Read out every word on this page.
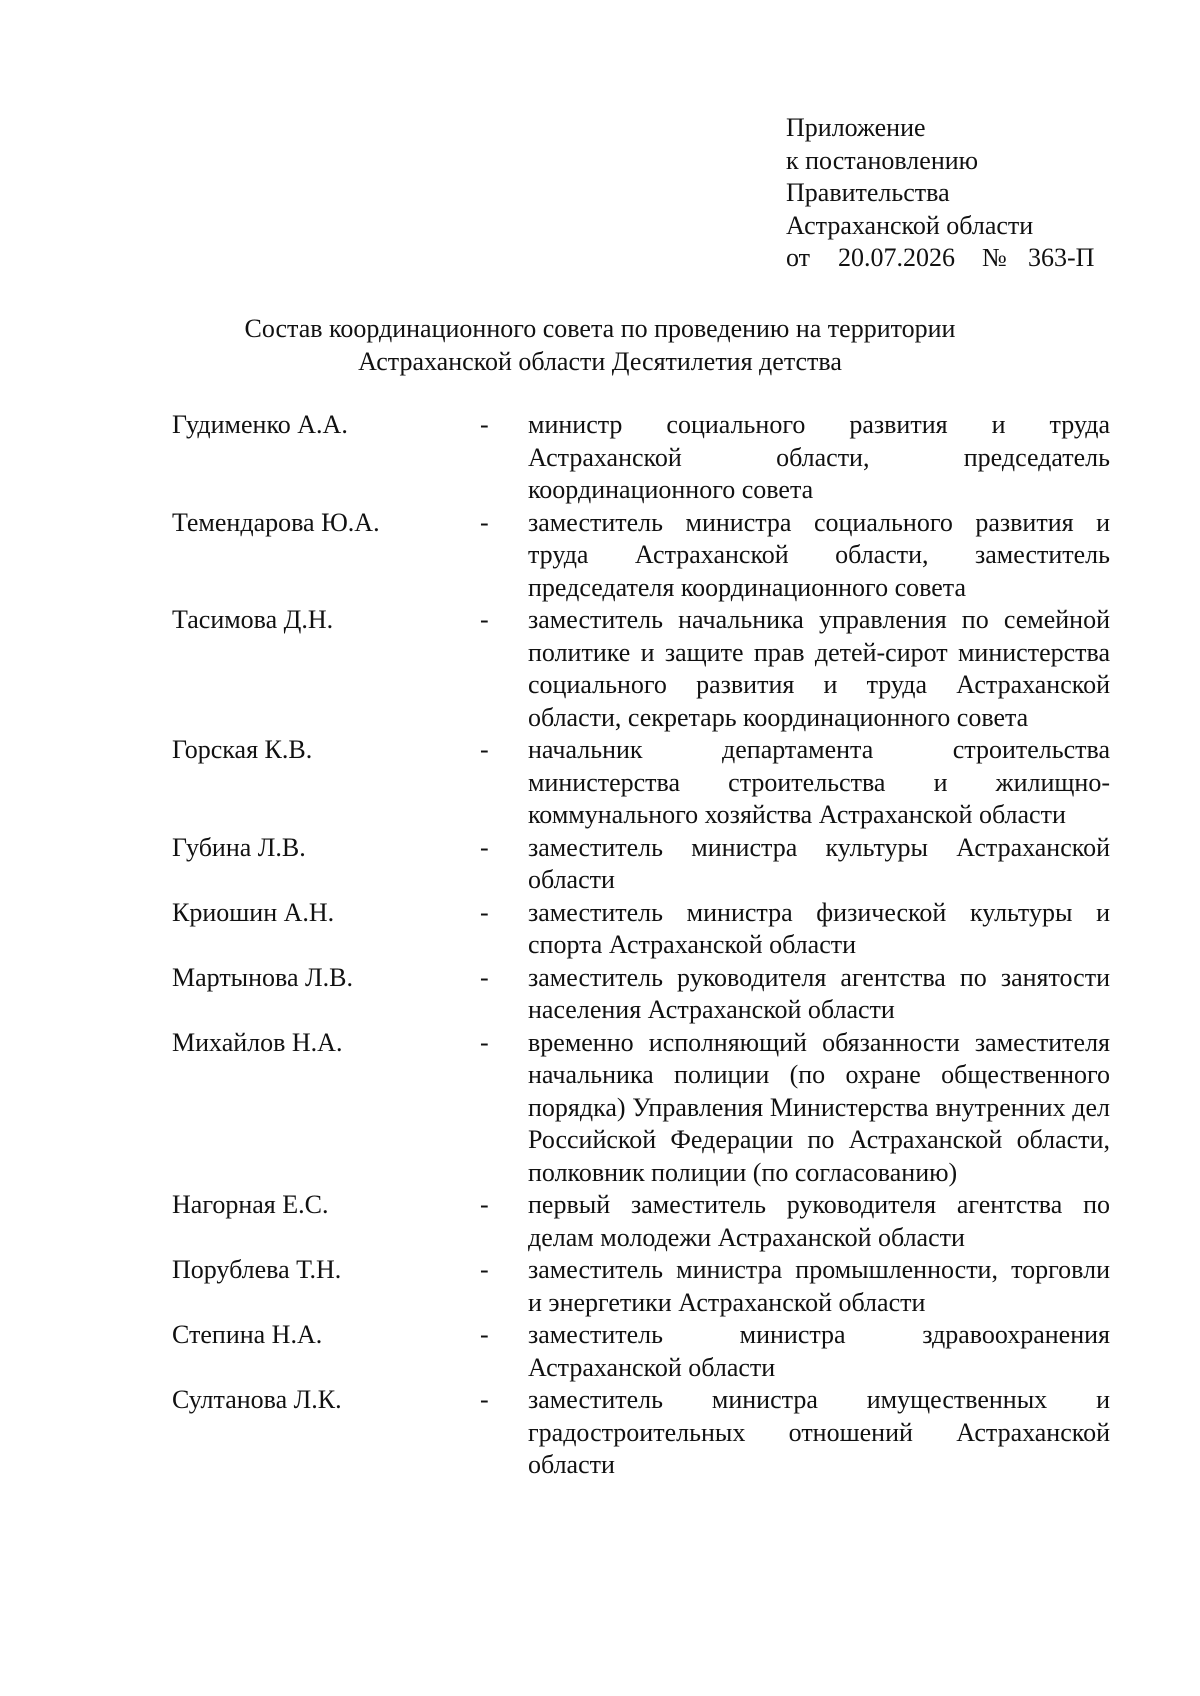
Приложение
к постановлению
Правительства
Астраханской области
от	20.07.2026	№ 363-П
Состав координационного совета по проведению на территории
Астраханской области Десятилетия детства
Гудименко А.А.	-	министр социального развития и труда Астраханской области, председатель координационного совета
Темендарова Ю.А.	-	заместитель министра социального развития и труда Астраханской области, заместитель председателя координационного совета
Тасимова Д.Н.	-	заместитель начальника управления по семейной политике и защите прав детей-сирот министерства социального развития и труда Астраханской области, секретарь координационного совета
Горская К.В.	-	начальник департамента строительства министерства строительства и жилищно-коммунального хозяйства Астраханской области
Губина Л.В.	-	заместитель министра культуры Астраханской области
Криошин А.Н.	-	заместитель министра физической культуры и спорта Астраханской области
Мартынова Л.В.	-	заместитель руководителя агентства по занятости населения Астраханской области
Михайлов Н.А.	-	временно исполняющий обязанности заместителя начальника полиции (по охране общественного порядка) Управления Министерства внутренних дел Российской Федерации по Астраханской области, полковник полиции (по согласованию)
Нагорная Е.С.	-	первый заместитель руководителя агентства по делам молодежи Астраханской области
Порублева Т.Н.	-	заместитель министра промышленности, торговли и энергетики Астраханской области
Степина Н.А.	-	заместитель министра здравоохранения Астраханской области
Султанова Л.К.	-	заместитель министра имущественных и градостроительных отношений Астраханской области
